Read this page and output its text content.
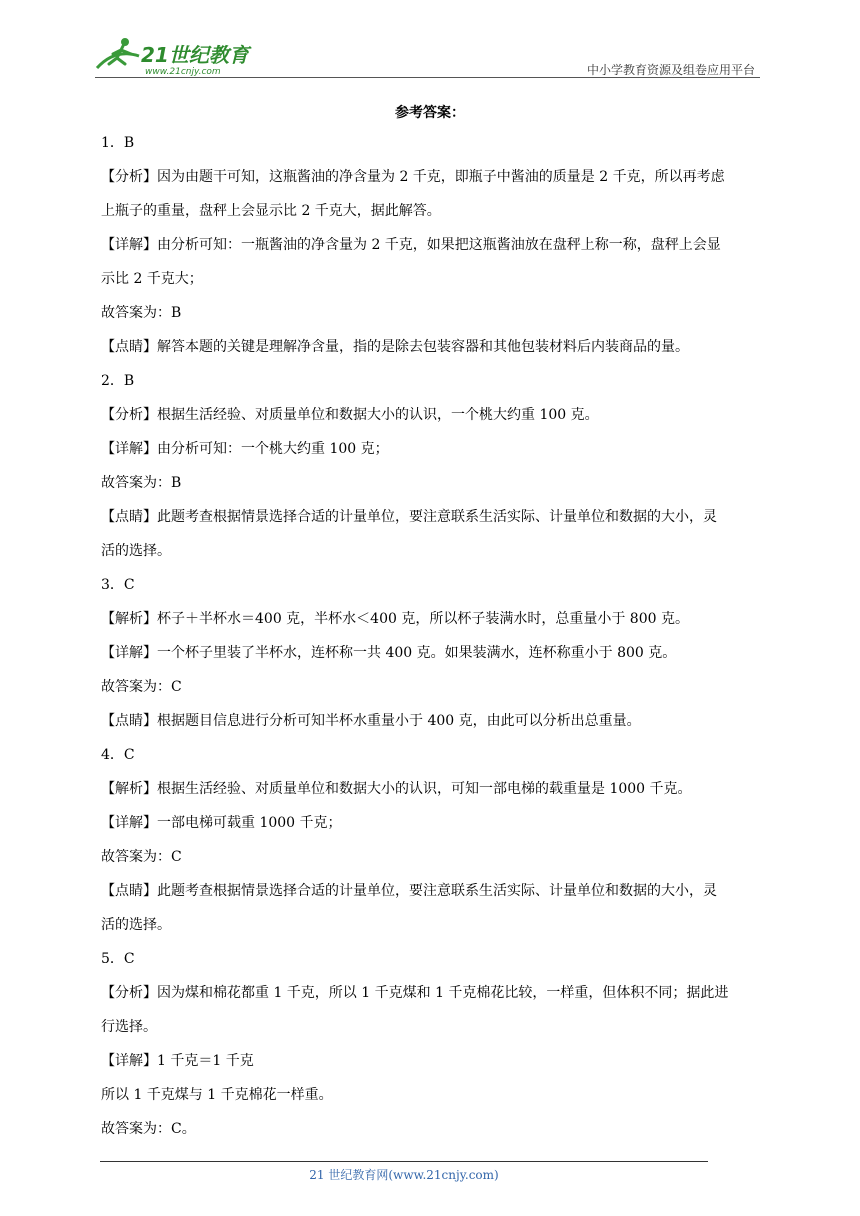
21世纪教育
www.21cnjy.com	中小学教育资源及组卷应用平台
参考答案：
1．B
【分析】因为由题干可知，这瓶酱油的净含量为 2 千克，即瓶子中酱油的质量是 2 千克，所以再考虑
上瓶子的重量，盘秤上会显示比 2 千克大，据此解答。
【详解】由分析可知：一瓶酱油的净含量为 2 千克，如果把这瓶酱油放在盘秤上称一称，盘秤上会显
示比 2 千克大；
故答案为：B
【点睛】解答本题的关键是理解净含量，指的是除去包装容器和其他包装材料后内装商品的量。
2．B
【分析】根据生活经验、对质量单位和数据大小的认识，一个桃大约重 100 克。
【详解】由分析可知：一个桃大约重 100 克；
故答案为：B
【点睛】此题考查根据情景选择合适的计量单位，要注意联系生活实际、计量单位和数据的大小，灵
活的选择。
3．C
【解析】杯子＋半杯水＝400 克，半杯水＜400 克，所以杯子装满水时，总重量小于 800 克。
【详解】一个杯子里装了半杯水，连杯称一共 400 克。如果装满水，连杯称重小于 800 克。
故答案为：C
【点睛】根据题目信息进行分析可知半杯水重量小于 400 克，由此可以分析出总重量。
4．C
【解析】根据生活经验、对质量单位和数据大小的认识，可知一部电梯的载重量是 1000 千克。
【详解】一部电梯可载重 1000 千克；
故答案为：C
【点睛】此题考查根据情景选择合适的计量单位，要注意联系生活实际、计量单位和数据的大小，灵
活的选择。
5．C
【分析】因为煤和棉花都重 1 千克，所以 1 千克煤和 1 千克棉花比较，一样重，但体积不同；据此进
行选择。
【详解】1 千克＝1 千克
所以 1 千克煤与 1 千克棉花一样重。
故答案为：C。
21 世纪教育网(www.21cnjy.com)
